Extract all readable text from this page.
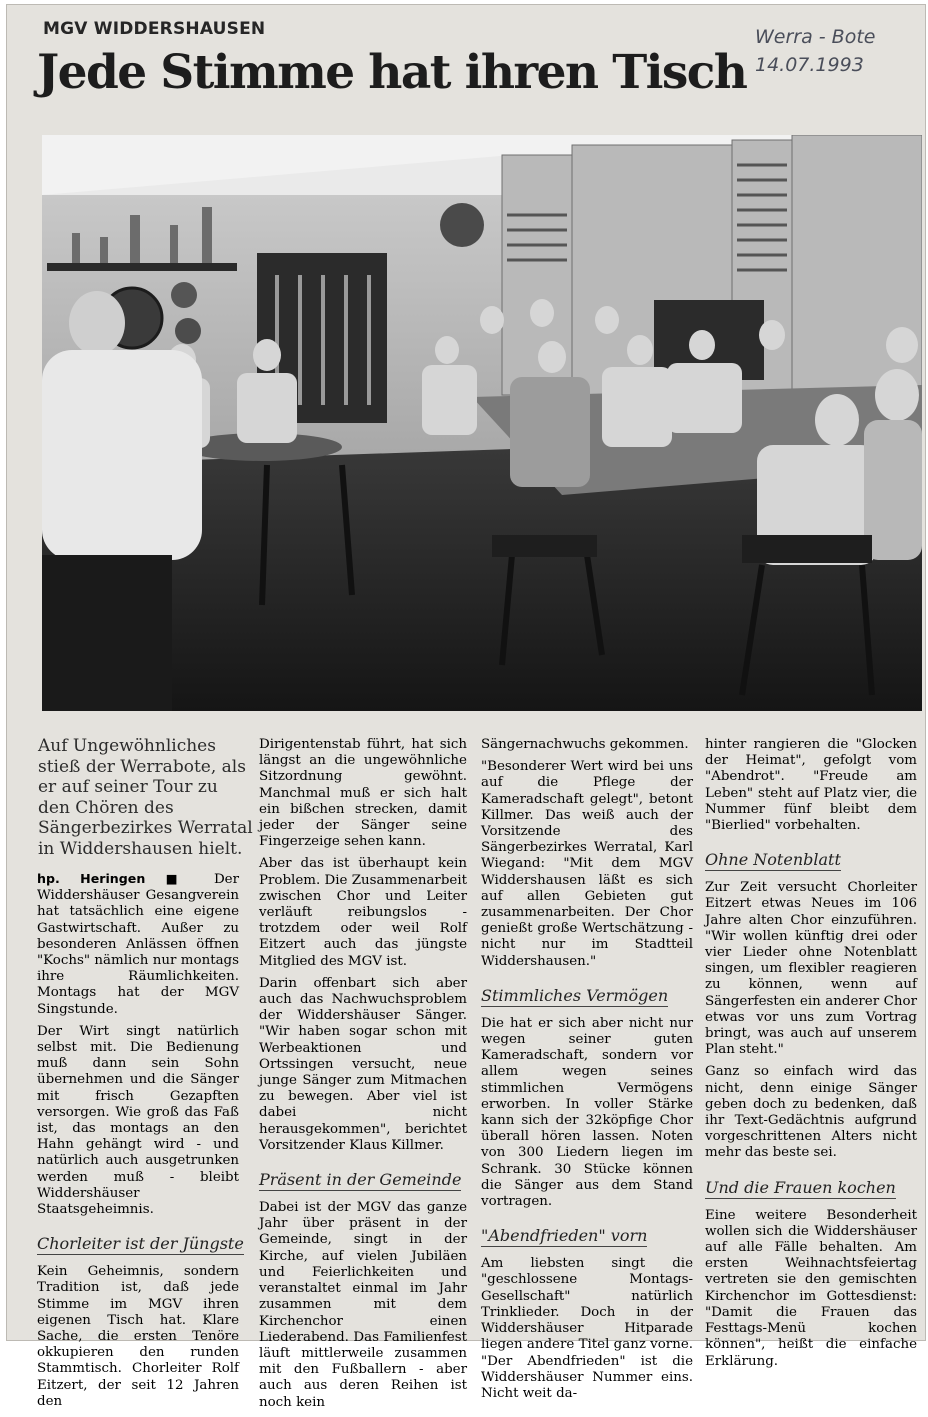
MGV WIDDERSHAUSEN
Jede Stimme hat ihren Tisch
Werra - Bote
14.07.1993
Auf Ungewöhnliches stieß der Werrabote, als er auf seiner Tour zu den Chören des Sängerbezirkes Werratal in Widdershausen hielt.

hp. Heringen ■ Der Widdershäuser Gesangverein hat tatsächlich eine eigene Gastwirtschaft. Außer zu besonderen Anlässen öffnen "Kochs" nämlich nur montags ihre Räumlichkeiten. Montags hat der MGV Singstunde.

Der Wirt singt natürlich selbst mit. Die Bedienung muß dann sein Sohn übernehmen und die Sänger mit frisch Gezapften versorgen. Wie groß das Faß ist, das montags an den Hahn gehängt wird - und natürlich auch ausgetrunken werden muß - bleibt Widdershäuser Staatsgeheimnis.

Chorleiter ist der Jüngste

Kein Geheimnis, sondern Tradition ist, daß jede Stimme im MGV ihren eigenen Tisch hat. Klare Sache, die ersten Tenöre okkupieren den runden Stammtisch. Chorleiter Rolf Eitzert, der seit 12 Jahren den

Dirigentenstab führt, hat sich längst an die ungewöhnliche Sitzordnung gewöhnt. Manchmal muß er sich halt ein bißchen strecken, damit jeder der Sänger seine Fingerzeige sehen kann.

Aber das ist überhaupt kein Problem. Die Zusammenarbeit zwischen Chor und Leiter verläuft reibungslos - trotzdem oder weil Rolf Eitzert auch das jüngste Mitglied des MGV ist.

Darin offenbart sich aber auch das Nachwuchsproblem der Widdershäuser Sänger. "Wir haben sogar schon mit Werbeaktionen und Ortssingen versucht, neue junge Sänger zum Mitmachen zu bewegen. Aber viel ist dabei nicht herausgekommen", berichtet Vorsitzender Klaus Killmer.

Präsent in der Gemeinde

Dabei ist der MGV das ganze Jahr über präsent in der Gemeinde, singt in der Kirche, auf vielen Jubiläen und Feierlichkeiten und veranstaltet einmal im Jahr zusammen mit dem Kirchenchor einen Liederabend. Das Familienfest läuft mittlerweile zusammen mit den Fußballern - aber auch aus deren Reihen ist noch kein

Sängernachwuchs gekommen.

"Besonderer Wert wird bei uns auf die Pflege der Kameradschaft gelegt", betont Killmer. Das weiß auch der Vorsitzende des Sängerbezirkes Werratal, Karl Wiegand: "Mit dem MGV Widdershausen läßt es sich auf allen Gebieten gut zusammenarbeiten. Der Chor genießt große Wertschätzung - nicht nur im Stadtteil Widdershausen."

Stimmliches Vermögen

Die hat er sich aber nicht nur wegen seiner guten Kameradschaft, sondern vor allem wegen seines stimmlichen Vermögens erworben. In voller Stärke kann sich der 32köpfige Chor überall hören lassen. Noten von 300 Liedern liegen im Schrank. 30 Stücke können die Sänger aus dem Stand vortragen.

"Abendfrieden" vorn

Am liebsten singt die "geschlossene Montags-Gesellschaft" natürlich Trinklieder. Doch in der Widdershäuser Hitparade liegen andere Titel ganz vorne. "Der Abendfrieden" ist die Widdershäuser Nummer eins. Nicht weit da-

hinter rangieren die "Glocken der Heimat", gefolgt vom "Abendrot". "Freude am Leben" steht auf Platz vier, die Nummer fünf bleibt dem "Bierlied" vorbehalten.

Ohne Notenblatt

Zur Zeit versucht Chorleiter Eitzert etwas Neues im 106 Jahre alten Chor einzuführen. "Wir wollen künftig drei oder vier Lieder ohne Notenblatt singen, um flexibler reagieren zu können, wenn auf Sängerfesten ein anderer Chor etwas vor uns zum Vortrag bringt, was auch auf unserem Plan steht."

Ganz so einfach wird das nicht, denn einige Sänger geben doch zu bedenken, daß ihr Text-Gedächtnis aufgrund vorgeschrittenen Alters nicht mehr das beste sei.

Und die Frauen kochen

Eine weitere Besonderheit wollen sich die Widdershäuser auf alle Fälle behalten. Am ersten Weihnachtsfeiertag vertreten sie den gemischten Kirchenchor im Gottesdienst: "Damit die Frauen das Festtags-Menü kochen können", heißt die einfache Erklärung.
